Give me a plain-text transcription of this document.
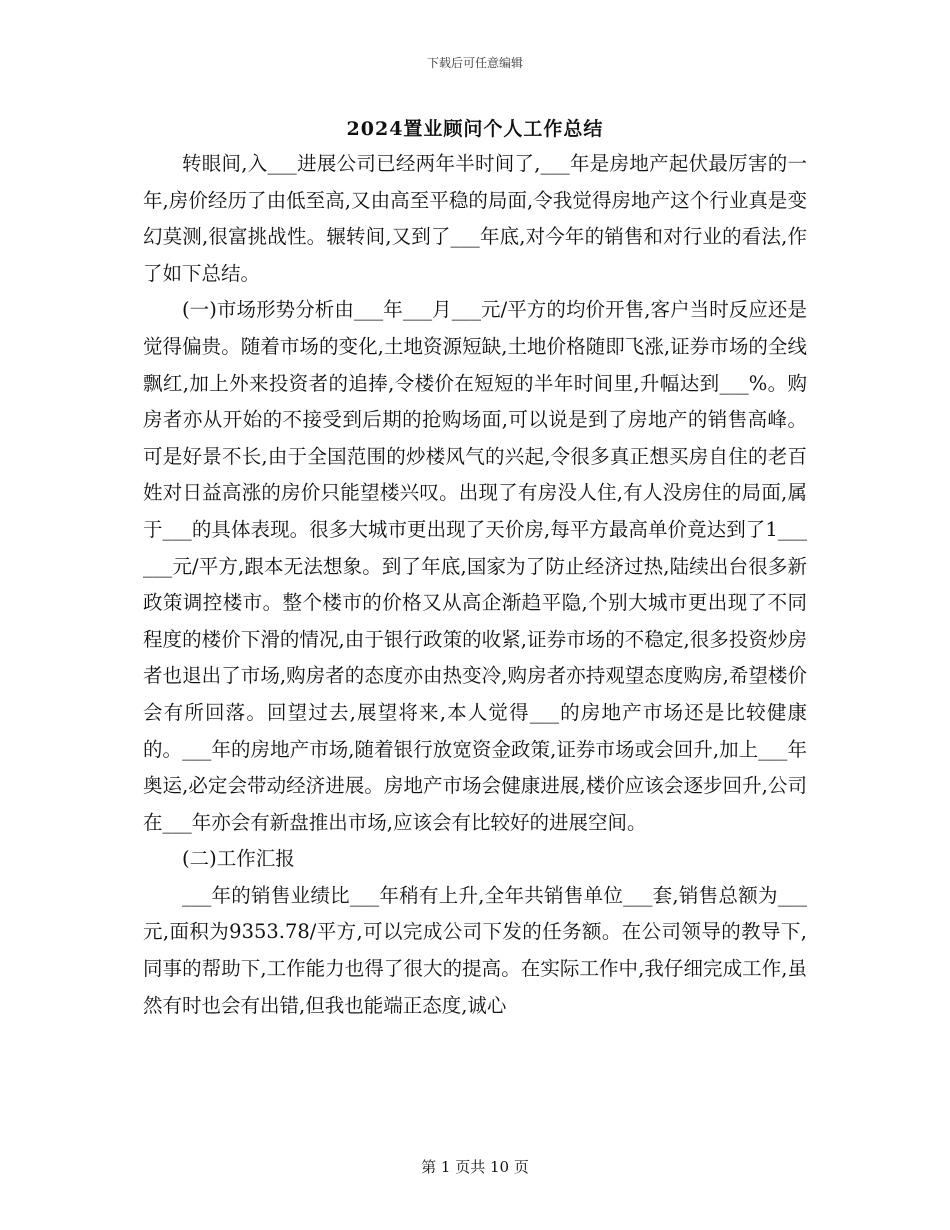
下载后可任意编辑
2024置业顾问个人工作总结

转眼间,入___进展公司已经两年半时间了,___年是房地产起伏最厉害的一年,房价经历了由低至高,又由高至平稳的局面,令我觉得房地产这个行业真是变幻莫测,很富挑战性。辗转间,又到了___年底,对今年的销售和对行业的看法,作了如下总结。

(一)市场形势分析由___年___月___元/平方的均价开售,客户当时反应还是觉得偏贵。随着市场的变化,土地资源短缺,土地价格随即飞涨,证券市场的全线飘红,加上外来投资者的追捧,令楼价在短短的半年时间里,升幅达到___%。购房者亦从开始的不接受到后期的抢购场面,可以说是到了房地产的销售高峰。可是好景不长,由于全国范围的炒楼风气的兴起,令很多真正想买房自住的老百姓对日益高涨的房价只能望楼兴叹。出现了有房没人住,有人没房住的局面,属于___的具体表现。很多大城市更出现了天价房,每平方最高单价竟达到了1______元/平方,跟本无法想象。到了年底,国家为了防止经济过热,陆续出台很多新政策调控楼市。整个楼市的价格又从高企渐趋平隐,个别大城市更出现了不同程度的楼价下滑的情况,由于银行政策的收紧,证券市场的不稳定,很多投资炒房者也退出了市场,购房者的态度亦由热变冷,购房者亦持观望态度购房,希望楼价会有所回落。回望过去,展望将来,本人觉得___的房地产市场还是比较健康的。___年的房地产市场,随着银行放宽资金政策,证券市场或会回升,加上___年奥运,必定会带动经济进展。房地产市场会健康进展,楼价应该会逐步回升,公司在___年亦会有新盘推出市场,应该会有比较好的进展空间。

(二)工作汇报

___年的销售业绩比___年稍有上升,全年共销售单位___套,销售总额为___元,面积为9353.78/平方,可以完成公司下发的任务额。在公司领导的教导下,同事的帮助下,工作能力也得了很大的提高。在实际工作中,我仔细完成工作,虽然有时也会有出错,但我也能端正态度,诚心

第 1 页共 10 页
